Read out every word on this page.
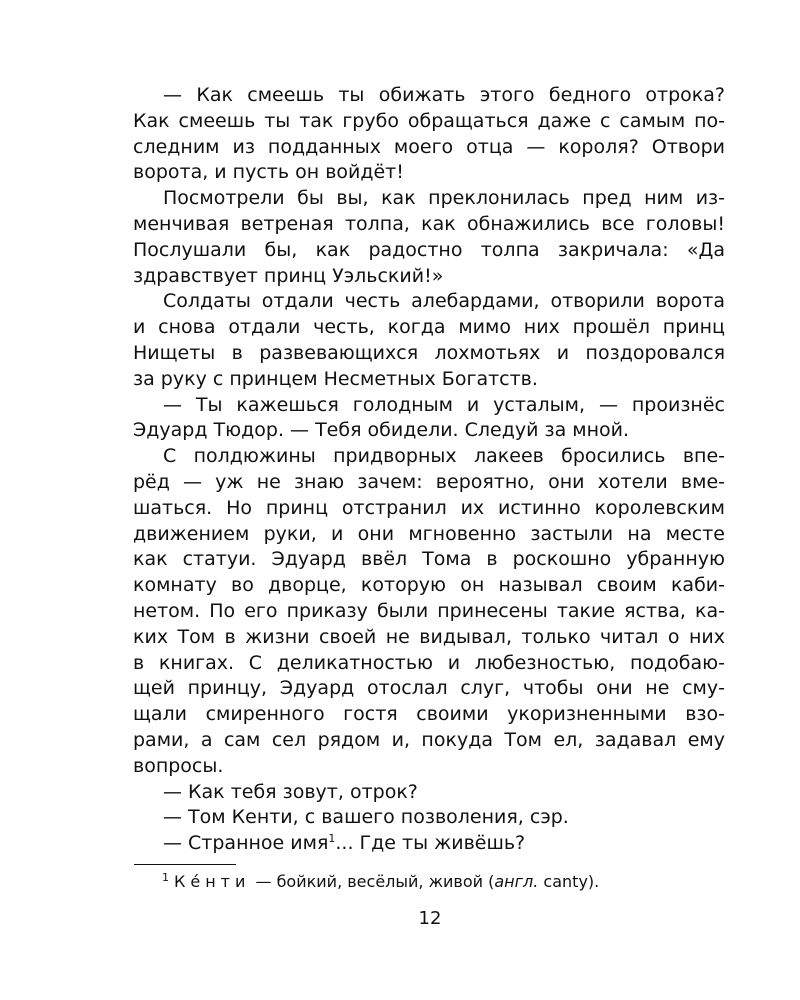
— Как смеешь ты обижать этого бедного отрока?
Как смеешь ты так грубо обращаться даже с самым по-
следним из подданных моего отца — короля? Отвори
ворота, и пусть он войдёт!
Посмотрели бы вы, как преклонилась пред ним из-
менчивая ветреная толпа, как обнажились все головы!
Послушали бы, как радостно толпа закричала: «Да
здравствует принц Уэльский!»
Солдаты отдали честь алебардами, отворили ворота
и снова отдали честь, когда мимо них прошёл принц
Нищеты в развевающихся лохмотьях и поздоровался
за руку с принцем Несметных Богатств.
— Ты кажешься голодным и усталым, — произнёс
Эдуард Тюдор. — Тебя обидели. Следуй за мной.
С полдюжины придворных лакеев бросились впе-
рёд — уж не знаю зачем: вероятно, они хотели вме-
шаться. Но принц отстранил их истинно королевским
движением руки, и они мгновенно застыли на месте
как статуи. Эдуард ввёл Тома в роскошно убранную
комнату во дворце, которую он называл своим каби-
нетом. По его приказу были принесены такие яства, ка-
ких Том в жизни своей не видывал, только читал о них
в книгах. С деликатностью и любезностью, подобаю-
щей принцу, Эдуард отослал слуг, чтобы они не сму-
щали смиренного гостя своими укоризненными взо-
рами, а сам сел рядом и, покуда Том ел, задавал ему
вопросы.
— Как тебя зовут, отрок?
— Том Кенти, с вашего позволения, сэр.
— Странное имя$^1$... Где ты живёшь?
$^1$ Ке́нти — бойкий, весёлый, живой (англ. canty).
12
